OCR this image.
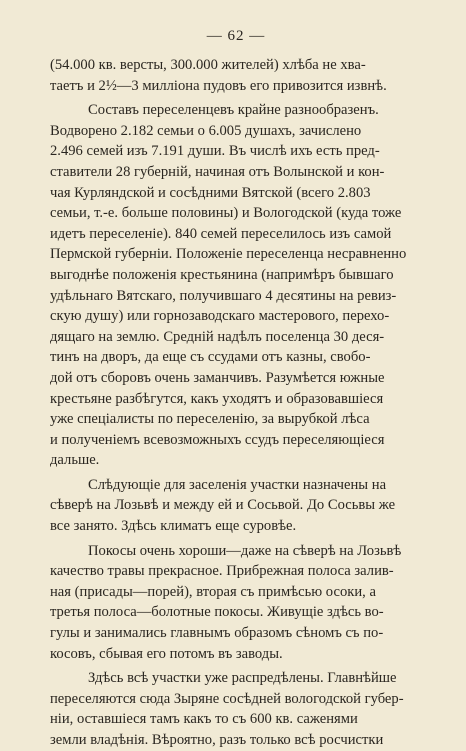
— 62 —
(54.000 кв. версты, 300.000 жителей) хлѣба не хва-
таетъ и 2½—3 милліона пудовъ его привозится извнѣ.
Составъ переселенцевъ крайне разнообразенъ.
Водворено 2.182 семьи о 6.005 душахъ, зачислено
2.496 семей изъ 7.191 души. Въ числѣ ихъ есть пред-
ставители 28 губерній, начиная отъ Волынской и кон-
чая Курляндской и сосѣдними Вятской (всего 2.803
семьи, т.-е. больше половины) и Вологодской (куда тоже
идетъ переселеніе). 840 семей переселилось изъ самой
Пермской губерніи. Положеніе переселенца несравненно
выгоднѣе положенія крестьянина (напримѣръ бывшаго
удѣльнаго Вятскаго, получившаго 4 десятины на ревиз-
скую душу) или горнозаводскаго мастерового, перехо-
дящаго на землю. Средній надѣлъ поселенца 30 деся-
тинъ на дворъ, да еще съ ссудами отъ казны, свобо-
дой отъ сборовъ очень заманчивъ. Разумѣется южные
крестьяне разбѣгутся, какъ уходятъ и образовавшіеся
уже спеціалисты по переселенію, за вырубкой лѣса
и полученіемъ всевозможныхъ ссудъ переселяющіеся
дальше.
Слѣдующіе для заселенія участки назначены на
сѣверѣ на Лозьвѣ и между ей и Сосьвой. До Сосьвы же
все занято. Здѣсь климатъ еще суровѣе.
Покосы очень хороши—даже на сѣверѣ на Лозьвѣ
качество травы прекрасное. Прибрежная полоса залив-
ная (присады—порей), вторая съ примѣсью осоки, а
третья полоса—болотные покосы. Живущіе здѣсь во-
гулы и занимались главнымъ образомъ сѣномъ съ по-
косовъ, сбывая его потомъ въ заводы.
Здѣсь всѣ участки уже распредѣлены. Главнѣйше
переселяются сюда Зыряне сосѣдней вологодской губер-
ніи, оставшіеся тамъ какъ то съ 600 кв. саженями
земли владѣнія. Вѣроятно, разъ только всѣ росчистки
